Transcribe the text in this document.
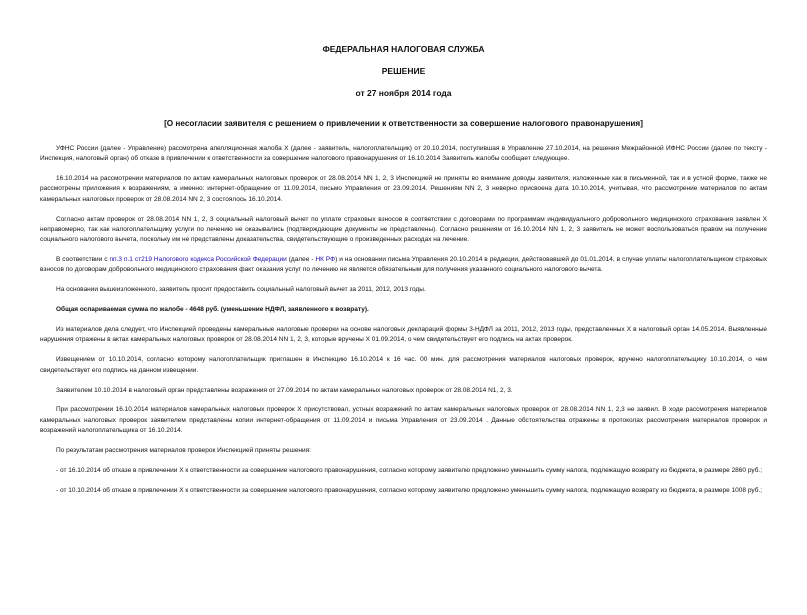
ФЕДЕРАЛЬНАЯ НАЛОГОВАЯ СЛУЖБА
РЕШЕНИЕ
от 27 ноября 2014 года
[О несогласии заявителя с решением о привлечении к ответственности за совершение налогового правонарушения]

УФНС России (далее - Управление) рассмотрена апелляционная жалоба X (далее - заявитель, налогоплательщик) от 20.10.2014, поступившая в Управление 27.10.2014, на решения Межрайонной ИФНС России (далее по тексту - Инспекция, налоговый орган) об отказе в привлечении к ответственности за совершение налогового правонарушения от 16.10.2014 Заявитель жалобы сообщает следующее.

16.10.2014 на рассмотрении материалов по актам камеральных налоговых проверок от 28.08.2014 NN 1, 2, 3 Инспекцией не приняты во внимание доводы заявителя, изложенные как в письменной, так и в устной форме, также не рассмотрены приложения к возражениям, а именно: интернет-обращение от 11.09.2014, письмо Управления от 23.09.2014. Решениям NN 2, 3 неверно присвоена дата 10.10.2014, учитывая, что рассмотрение материалов по актам камеральных налоговых проверок от 28.08.2014 NN 2, 3 состоялось 16.10.2014.

Согласно актам проверок от 28.08.2014 NN 1, 2, 3 социальный налоговый вычет по уплате страховых взносов в соответствии с договорами по программам индивидуального добровольного медицинского страхования заявлен X неправомерно, так как налогоплательщику услуги по лечению не оказывались (подтверждающие документы не представлены). Согласно решениям от 16.10.2014 NN 1, 2, 3 заявитель не может воспользоваться правом на получение социального налогового вычета, поскольку им не представлены доказательства, свидетельствующие о произведенных расходах на лечение.

В соответствии с пп.3 п.1 ст219 Налогового кодекса Российской Федерации (далее - НК РФ) и на основании письма Управления 20.10.2014 в редакции, действовавшей до 01.01.2014, в случае уплаты налогоплательщиком страховых взносов по договорам добровольного медицинского страхования факт оказания услуг по лечению не является обязательным для получения указанного социального налогового вычета.

На основании вышеизложенного, заявитель просит предоставить социальный налоговый вычет за 2011, 2012, 2013 годы.

Общая оспариваемая сумма по жалобе - 4648 руб. (уменьшение НДФЛ, заявленного к возврату).

Из материалов дела следует, что Инспекцией проведены камеральные налоговые проверки на основе налоговых деклараций формы 3-НДФЛ за 2011, 2012, 2013 годы, представленных X в налоговый орган 14.05.2014. Выявленные нарушения отражены в актах камеральных налоговых проверок от 28.08.2014 NN 1, 2, 3, которые вручены X 01.09.2014, о чем свидетельствует его подпись на актах проверок.

Извещением от 10.10.2014, согласно которому налогоплательщик приглашен в Инспекцию 16.10.2014 к 16 час. 00 мин. для рассмотрения материалов налоговых проверок, вручено налогоплательщику 10.10.2014, о чем свидетельствует его подпись на данном извещении.

Заявителем 10.10.2014 в налоговый орган представлены возражения от 27.09.2014 по актам камеральных налоговых проверок от 28.08.2014 N1, 2, 3.

При рассмотрении 16.10.2014 материалов камеральных налоговых проверок X присутствовал, устных возражений по актам камеральных налоговых проверок от 28.08.2014 NN 1, 2,3 не заявил. В ходе рассмотрения материалов камеральных налоговых проверок заявителем представлены копии интернет-обращения от 11.09.2014 и письма Управления от 23.09.2014 . Данные обстоятельства отражены в протоколах рассмотрения материалов проверок и возражений налогоплательщика от 16.10.2014.

По результатам рассмотрения материалов проверок Инспекцией приняты решения:

- от 16.10.2014 об отказе в привлечении X к ответственности за совершение налогового правонарушения, согласно которому заявителю предложено уменьшить сумму налога, подлежащую возврату из бюджета, в размере 2860 руб.;

- от 10.10.2014 об отказе в привлечении X к ответственности за совершение налогового правонарушения, согласно которому заявителю предложено уменьшить сумму налога, подлежащую возврату из бюджета, в размере 1008 руб.;
